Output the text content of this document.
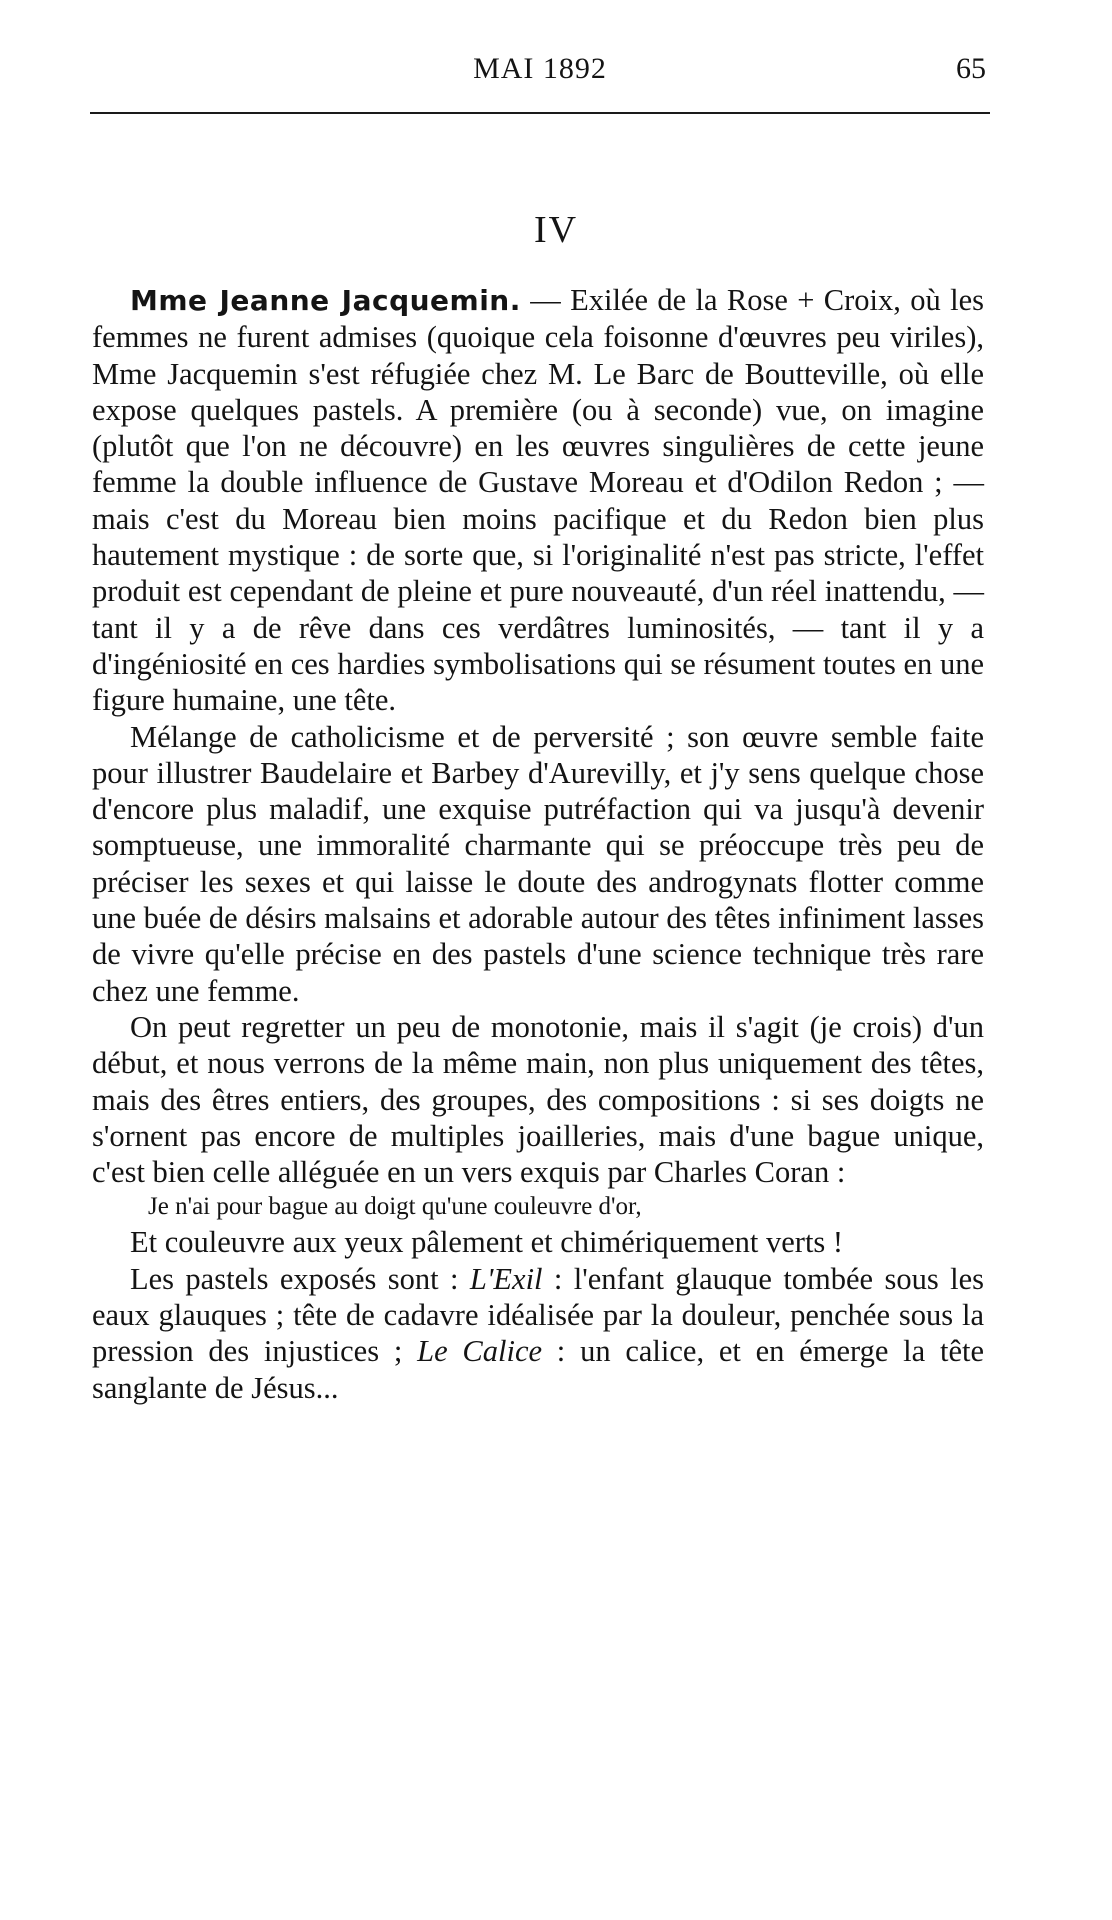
MAI 1892	65
IV

Mme Jeanne Jacquemin. — Exilée de la Rose + Croix, où les femmes ne furent admises (quoique cela foisonne d'œuvres peu viriles), Mme Jacquemin s'est réfugiée chez M. Le Barc de Boutteville, où elle expose quelques pastels. A première (ou à seconde) vue, on imagine (plutôt que l'on ne découvre) en les œuvres singulières de cette jeune femme la double influence de Gustave Moreau et d'Odilon Redon ; — mais c'est du Moreau bien moins pacifique et du Redon bien plus hautement mystique : de sorte que, si l'originalité n'est pas stricte, l'effet produit est cependant de pleine et pure nouveauté, d'un réel inattendu, — tant il y a de rêve dans ces verdâtres luminosités, — tant il y a d'ingéniosité en ces hardies symbolisations qui se résument toutes en une figure humaine, une tête.

Mélange de catholicisme et de perversité ; son œuvre semble faite pour illustrer Baudelaire et Barbey d'Aurevilly, et j'y sens quelque chose d'encore plus maladif, une exquise putréfaction qui va jusqu'à devenir somptueuse, une immoralité charmante qui se préoccupe très peu de préciser les sexes et qui laisse le doute des androgynats flotter comme une buée de désirs malsains et adorable autour des têtes infiniment lasses de vivre qu'elle précise en des pastels d'une science technique très rare chez une femme.

On peut regretter un peu de monotonie, mais il s'agit (je crois) d'un début, et nous verrons de la même main, non plus uniquement des têtes, mais des êtres entiers, des groupes, des compositions : si ses doigts ne s'ornent pas encore de multiples joailleries, mais d'une bague unique, c'est bien celle alléguée en un vers exquis par Charles Coran :

Je n'ai pour bague au doigt qu'une couleuvre d'or,

Et couleuvre aux yeux pâlement et chimériquement verts !

Les pastels exposés sont : L'Exil : l'enfant glauque tombée sous les eaux glauques ; tête de cadavre idéalisée par la douleur, penchée sous la pression des injustices ; Le Calice : un calice, et en émerge la tête sanglante de Jésus...
